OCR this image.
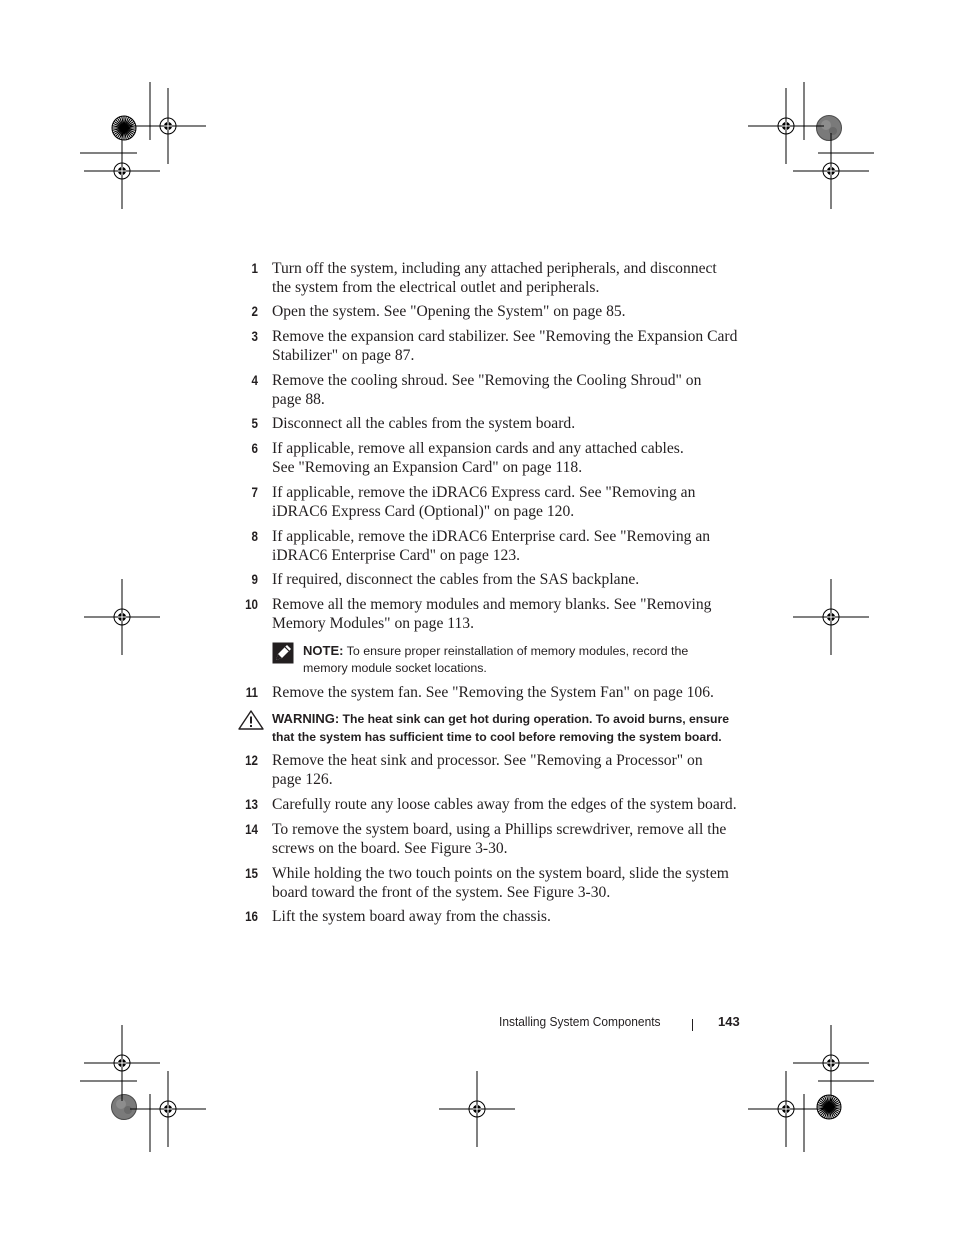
1 Turn off the system, including any attached peripherals, and disconnect
the system from the electrical outlet and peripherals.
2 Open the system. See "Opening the System" on page 85.
3 Remove the expansion card stabilizer. See "Removing the Expansion Card
Stabilizer" on page 87.
4 Remove the cooling shroud. See "Removing the Cooling Shroud" on
page 88.
5 Disconnect all the cables from the system board.
6 If applicable, remove all expansion cards and any attached cables.
See "Removing an Expansion Card" on page 118.
7 If applicable, remove the iDRAC6 Express card. See "Removing an
iDRAC6 Express Card (Optional)" on page 120.
8 If applicable, remove the iDRAC6 Enterprise card. See "Removing an
iDRAC6 Enterprise Card" on page 123.
9 If required, disconnect the cables from the SAS backplane.
10 Remove all the memory modules and memory blanks. See "Removing
Memory Modules" on page 113.
NOTE: To ensure proper reinstallation of memory modules, record the
memory module socket locations.
11 Remove the system fan. See "Removing the System Fan" on page 106.
WARNING: The heat sink can get hot during operation. To avoid burns, ensure
that the system has sufficient time to cool before removing the system board.
12 Remove the heat sink and processor. See "Removing a Processor" on
page 126.
13 Carefully route any loose cables away from the edges of the system board.
14 To remove the system board, using a Phillips screwdriver, remove all the
screws on the board. See Figure 3-30.
15 While holding the two touch points on the system board, slide the system
board toward the front of the system. See Figure 3-30.
16 Lift the system board away from the chassis.
Installing System Components	143
